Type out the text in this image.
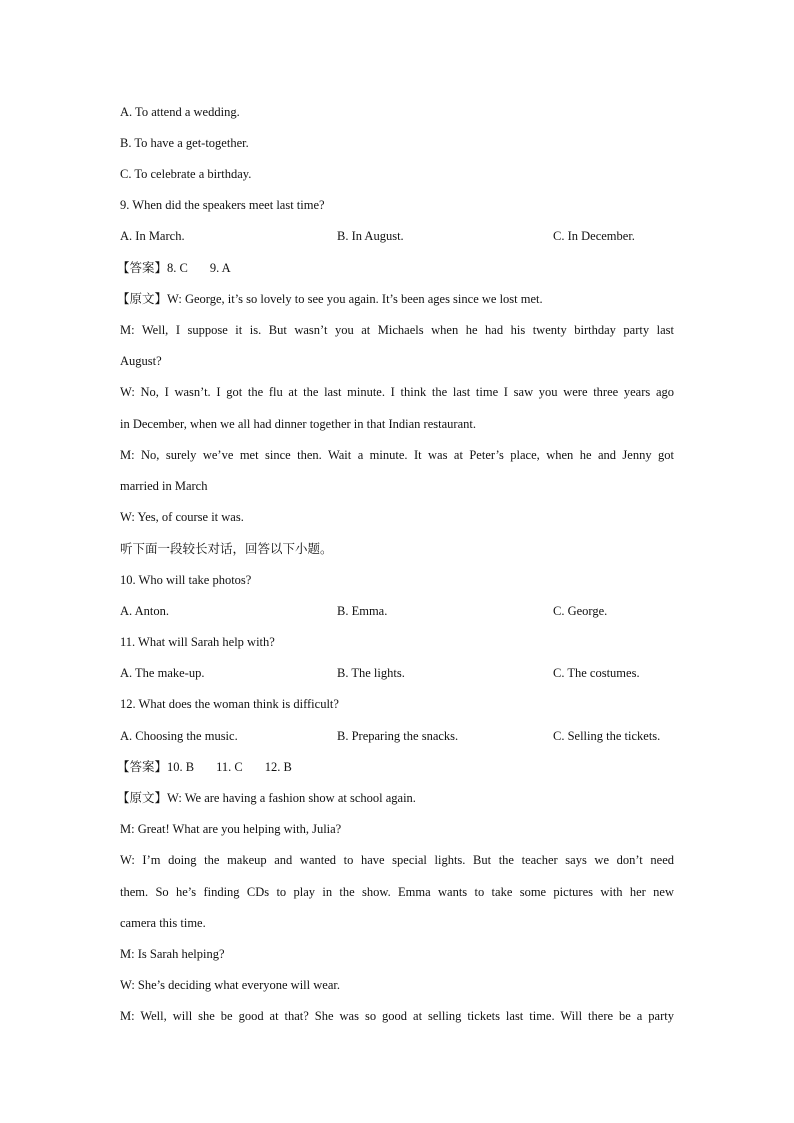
A. To attend a wedding.
B. To have a get-together.
C. To celebrate a birthday.
9. When did the speakers meet last time?
A. In March.	B. In August.	C. In December.
【答案】8. C 9. A
【原文】W: George, it’s so lovely to see you again. It’s been ages since we lost met.
M: Well, I suppose it is. But wasn’t you at Michaels when he had his twenty birthday party last
August?
W: No, I wasn’t. I got the flu at the last minute. I think the last time I saw you were three years ago
in December, when we all had dinner together in that Indian restaurant.
M: No, surely we’ve met since then. Wait a minute. It was at Peter’s place, when he and Jenny got
married in March
W: Yes, of course it was.
听下面一段较长对话，回答以下小题。
10. Who will take photos?
A. Anton.	B. Emma.	C. George.
11. What will Sarah help with?
A. The make-up.	B. The lights.	C. The costumes.
12. What does the woman think is difficult?
A. Choosing the music.	B. Preparing the snacks.	C. Selling the tickets.
【答案】10. B 11. C 12. B
【原文】W: We are having a fashion show at school again.
M: Great! What are you helping with, Julia?
W: I’m doing the makeup and wanted to have special lights. But the teacher says we don’t need
them. So he’s finding CDs to play in the show. Emma wants to take some pictures with her new
camera this time.
M: Is Sarah helping?
W: She’s deciding what everyone will wear.
M: Well, will she be good at that? She was so good at selling tickets last time. Will there be a party
